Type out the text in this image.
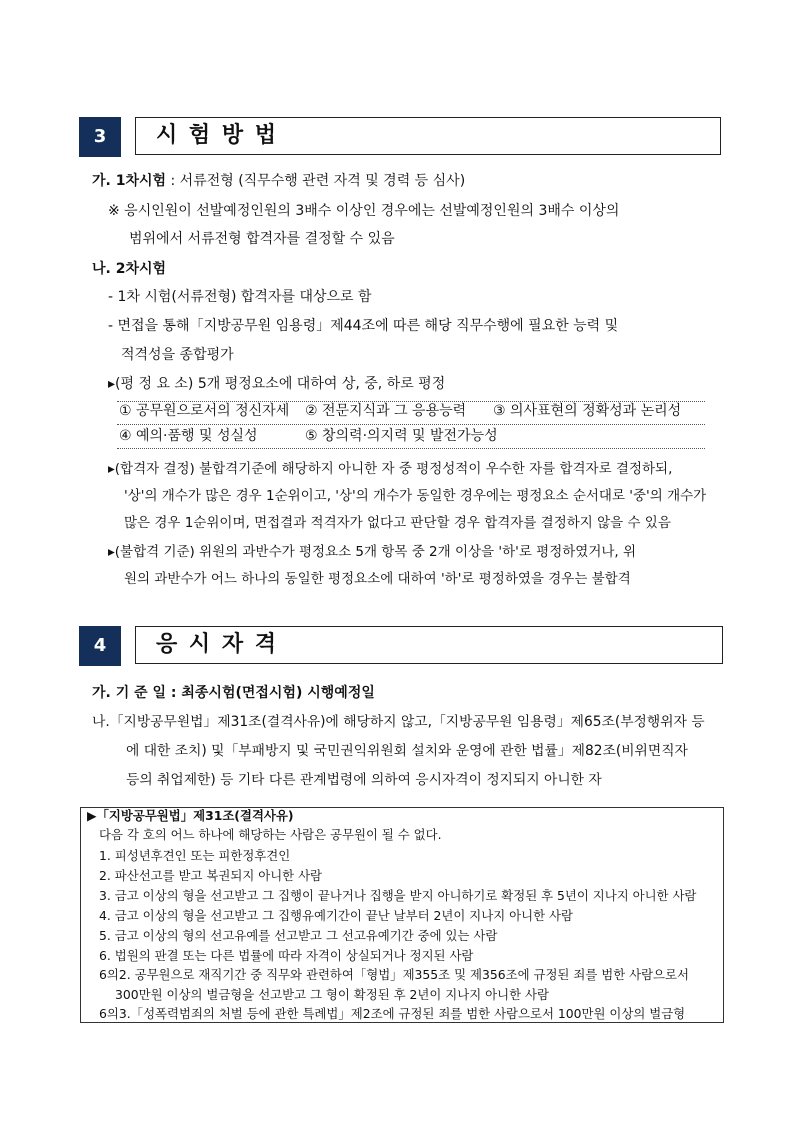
3	시 험 방 법
가. 1차시험 : 서류전형 (직무수행 관련 자격 및 경력 등 심사)
※ 응시인원이 선발예정인원의 3배수 이상인 경우에는 선발예정인원의 3배수 이상의
범위에서 서류전형 합격자를 결정할 수 있음
나. 2차시험
- 1차 시험(서류전형) 합격자를 대상으로 함
- 면접을 통해「지방공무원 임용령」제44조에 따른 해당 직무수행에 필요한 능력 및
적격성을 종합평가
▸(평 정 요 소) 5개 평정요소에 대하여 상, 중, 하로 평정
① 공무원으로서의 정신자세 ② 전문지식과 그 응용능력 ③ 의사표현의 정확성과 논리성
④ 예의·품행 및 성실성	⑤ 창의력·의지력 및 발전가능성
▸(합격자 결정) 불합격기준에 해당하지 아니한 자 중 평정성적이 우수한 자를 합격자로 결정하되,
'상'의 개수가 많은 경우 1순위이고, '상'의 개수가 동일한 경우에는 평정요소 순서대로 '중'의 개수가
많은 경우 1순위이며, 면접결과 적격자가 없다고 판단할 경우 합격자를 결정하지 않을 수 있음
▸(불합격 기준) 위원의 과반수가 평정요소 5개 항목 중 2개 이상을 '하'로 평정하였거나, 위
원의 과반수가 어느 하나의 동일한 평정요소에 대하여 '하'로 평정하였을 경우는 불합격
4	응 시 자 격
가. 기 준 일 : 최종시험(면접시험) 시행예정일
나.「지방공무원법」제31조(결격사유)에 해당하지 않고,「지방공무원 임용령」제65조(부정행위자 등
에 대한 조치) 및「부패방지 및 국민권익위원회 설치와 운영에 관한 법률」제82조(비위면직자
등의 취업제한) 등 기타 다른 관계법령에 의하여 응시자격이 정지되지 아니한 자
▶「지방공무원법」제31조(결격사유)
다음 각 호의 어느 하나에 해당하는 사람은 공무원이 될 수 없다.
1. 피성년후견인 또는 피한정후견인
2. 파산선고를 받고 복권되지 아니한 사람
3. 금고 이상의 형을 선고받고 그 집행이 끝나거나 집행을 받지 아니하기로 확정된 후 5년이 지나지 아니한 사람
4. 금고 이상의 형을 선고받고 그 집행유예기간이 끝난 날부터 2년이 지나지 아니한 사람
5. 금고 이상의 형의 선고유예를 선고받고 그 선고유예기간 중에 있는 사람
6. 법원의 판결 또는 다른 법률에 따라 자격이 상실되거나 정지된 사람
6의2. 공무원으로 재직기간 중 직무와 관련하여「형법」제355조 및 제356조에 규정된 죄를 범한 사람으로서
300만원 이상의 벌금형을 선고받고 그 형이 확정된 후 2년이 지나지 아니한 사람
6의3.「성폭력범죄의 처벌 등에 관한 특례법」제2조에 규정된 죄를 범한 사람으로서 100만원 이상의 벌금형
